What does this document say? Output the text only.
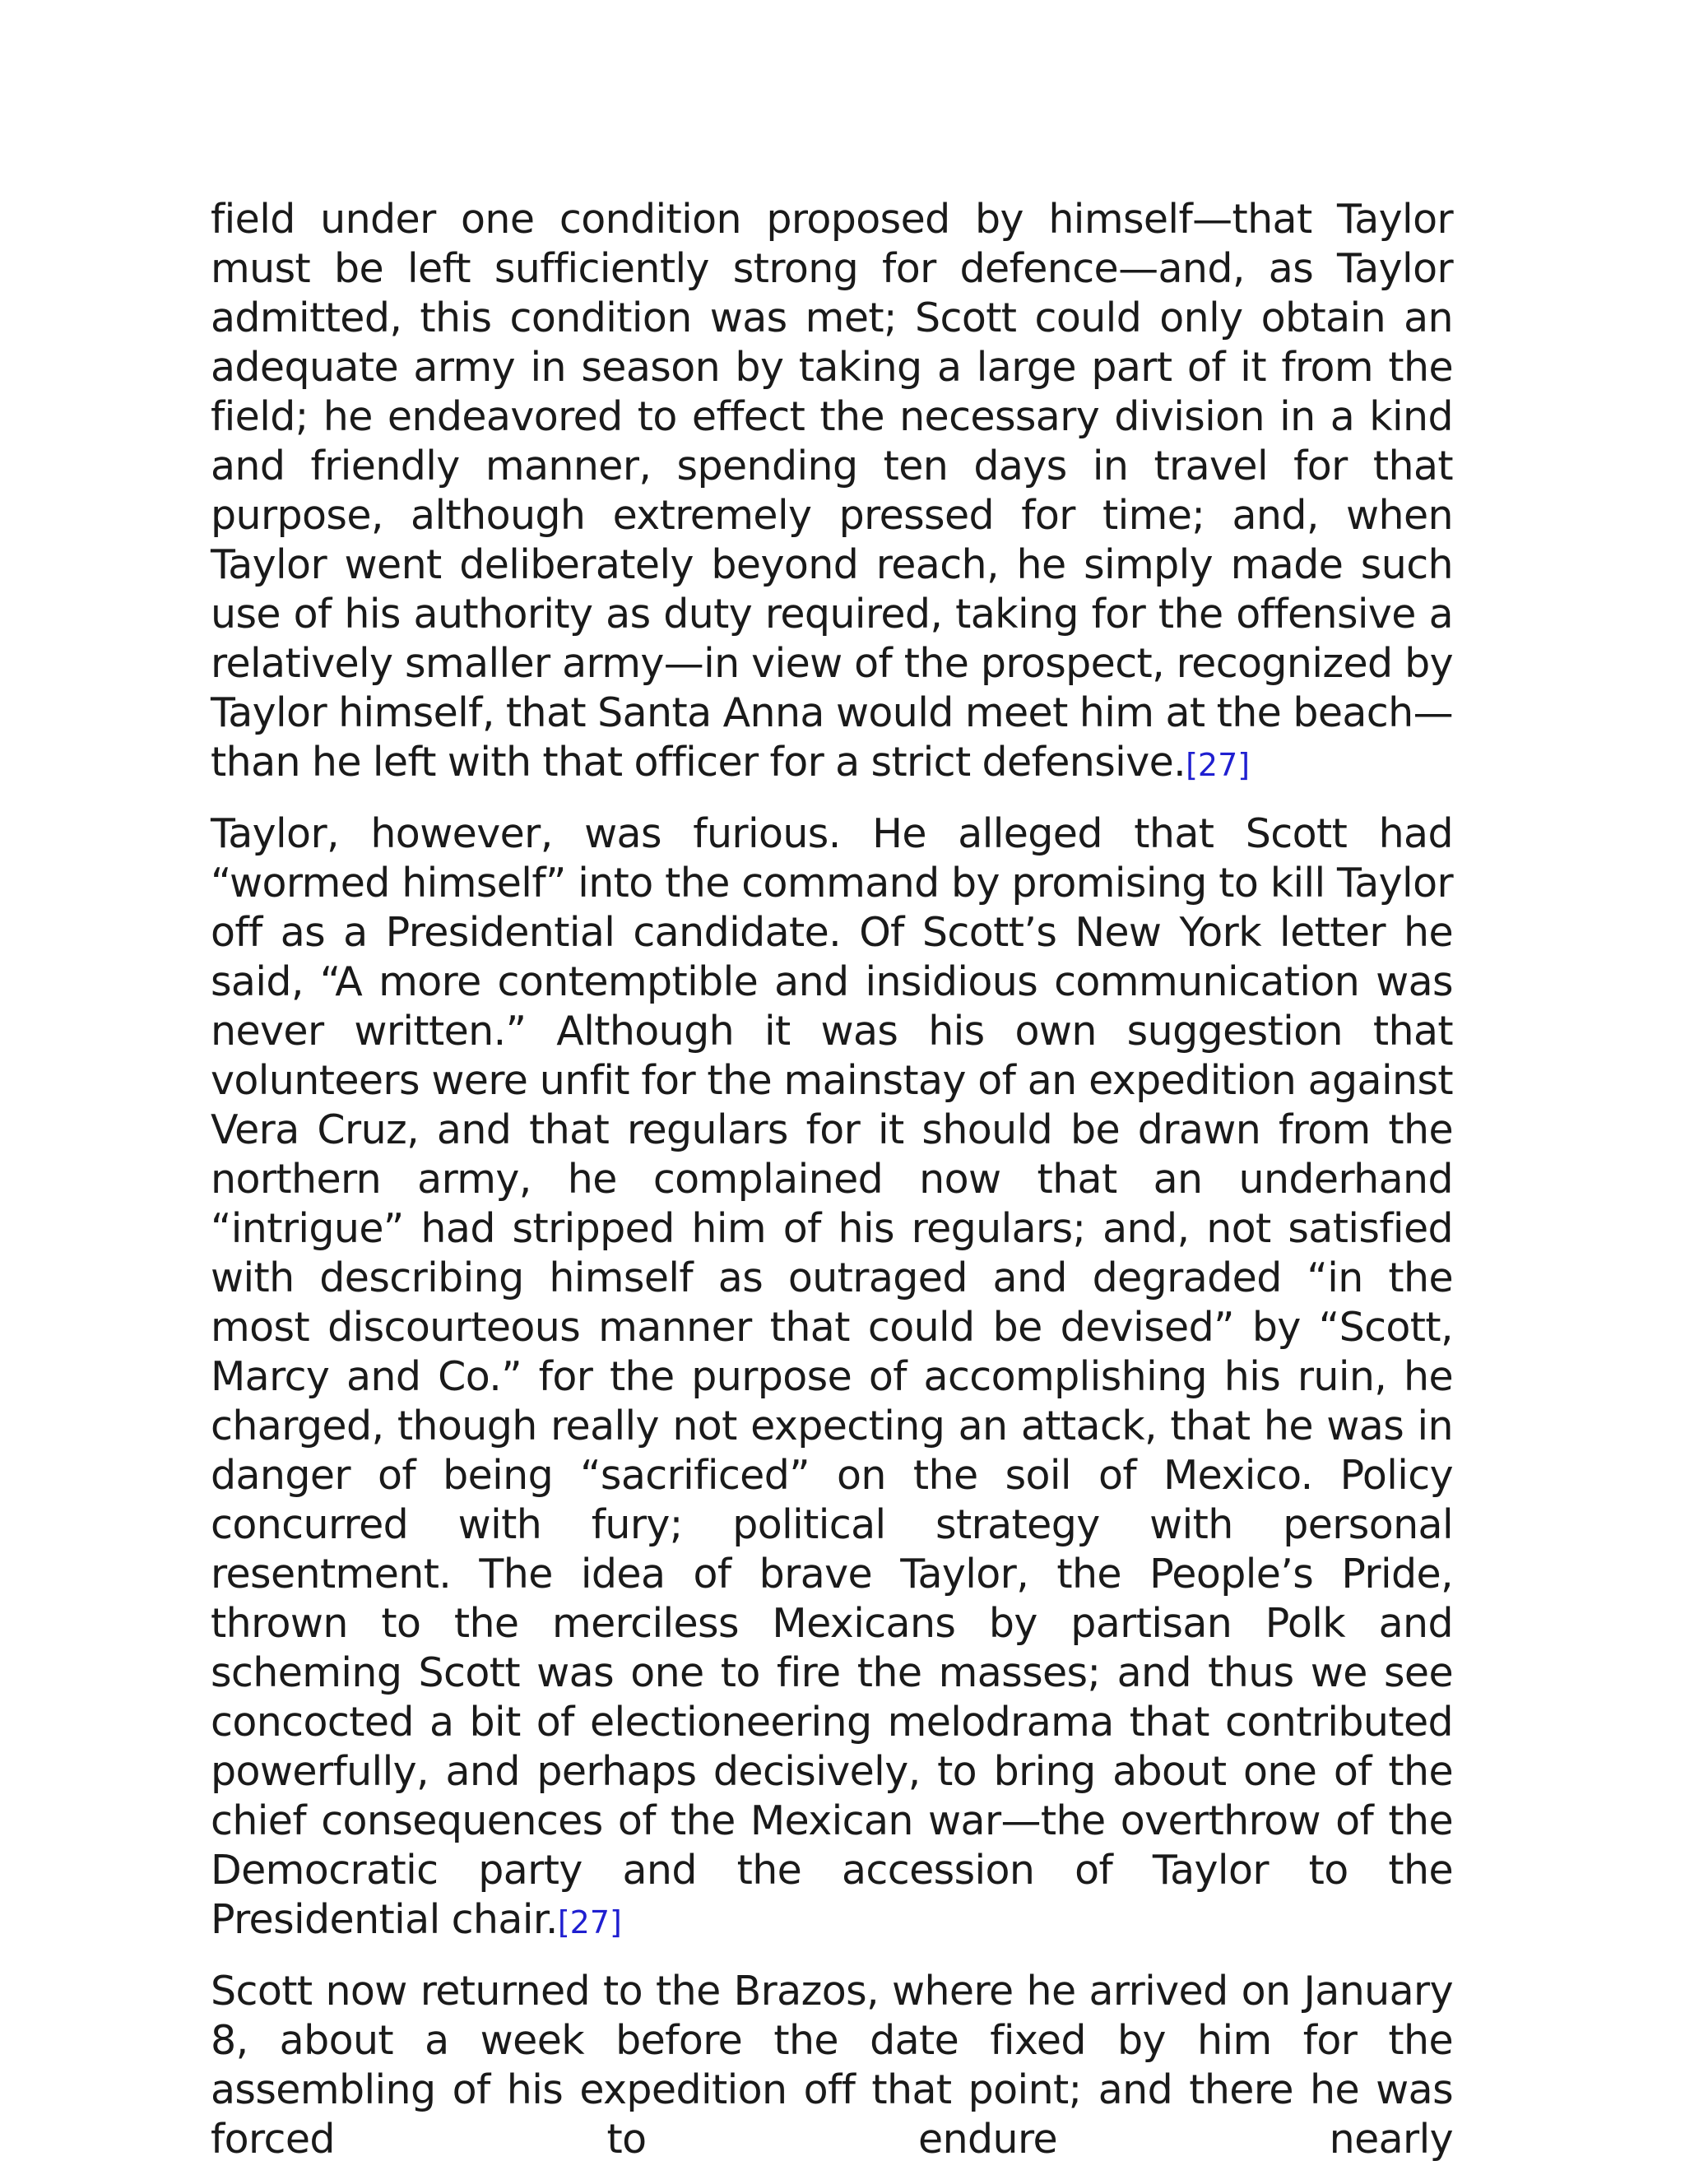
field under one condition proposed by himself—that Taylor must be left sufficiently strong for defence—and, as Taylor admitted, this condition was met; Scott could only obtain an adequate army in season by taking a large part of it from the field; he endeavored to effect the necessary division in a kind and friendly manner, spending ten days in travel for that purpose, although extremely pressed for time; and, when Taylor went deliberately beyond reach, he simply made such use of his authority as duty required, taking for the offensive a relatively smaller army—in view of the prospect, recognized by Taylor himself, that Santa Anna would meet him at the beach—than he left with that officer for a strict defensive.[27]

Taylor, however, was furious. He alleged that Scott had “wormed himself” into the command by promising to kill Taylor off as a Presidential candidate. Of Scott’s New York letter he said, “A more contemptible and insidious communication was never written.” Although it was his own suggestion that volunteers were unfit for the mainstay of an expedition against Vera Cruz, and that regulars for it should be drawn from the northern army, he complained now that an underhand “intrigue” had stripped him of his regulars; and, not satisfied with describing himself as outraged and degraded “in the most discourteous manner that could be devised” by “Scott, Marcy and Co.” for the purpose of accomplishing his ruin, he charged, though really not expecting an attack, that he was in danger of being “sacrificed” on the soil of Mexico. Policy concurred with fury; political strategy with personal resentment. The idea of brave Taylor, the People’s Pride, thrown to the merciless Mexicans by partisan Polk and scheming Scott was one to fire the masses; and thus we see concocted a bit of electioneering melodrama that contributed powerfully, and perhaps decisively, to bring about one of the chief consequences of the Mexican war—the overthrow of the Democratic party and the accession of Taylor to the Presidential chair.[27]

Scott now returned to the Brazos, where he arrived on January 8, about a week before the date fixed by him for the assembling of his expedition off that point; and there he was forced to endure nearly
